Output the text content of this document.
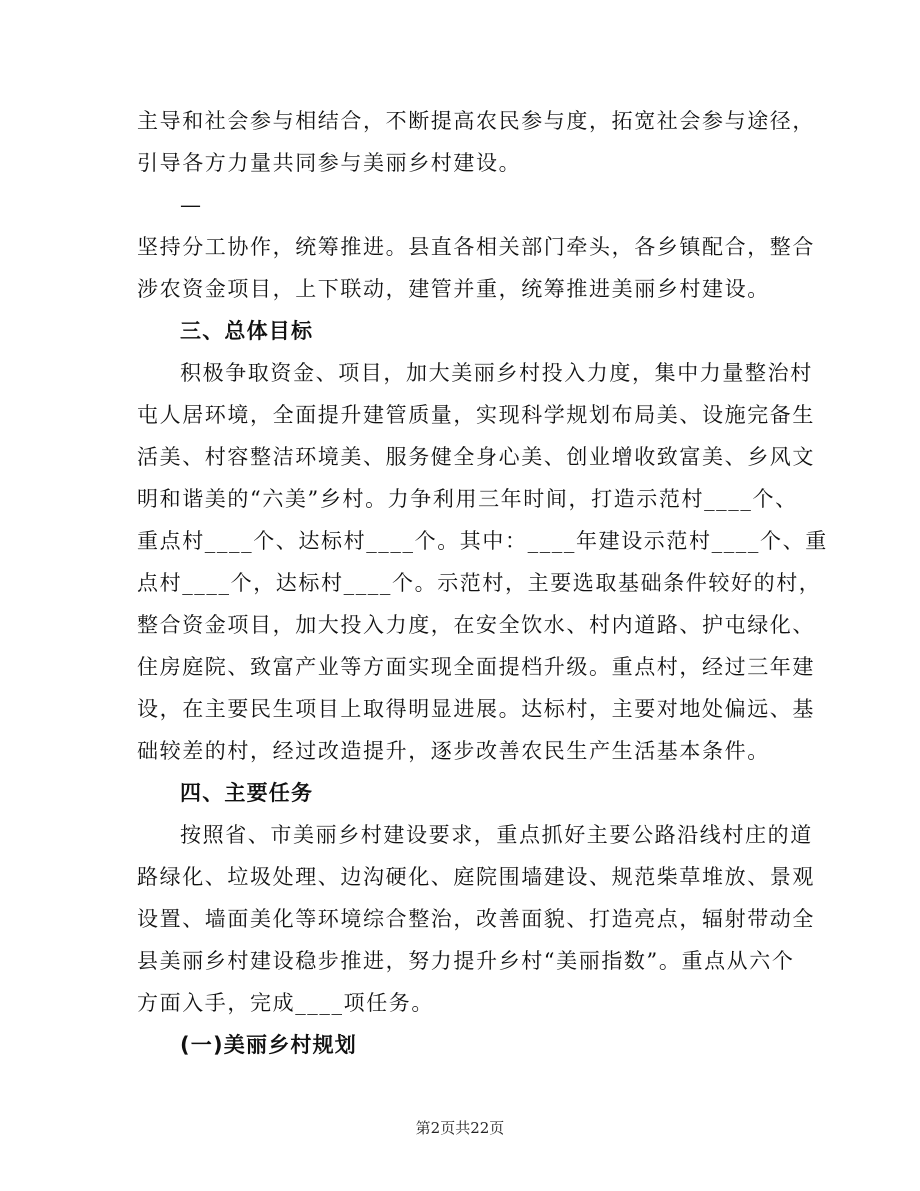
主导和社会参与相结合，不断提高农民参与度，拓宽社会参与途径，
引导各方力量共同参与美丽乡村建设。
—
坚持分工协作，统筹推进。县直各相关部门牵头，各乡镇配合，整合
涉农资金项目，上下联动，建管并重，统筹推进美丽乡村建设。
三、总体目标
积极争取资金、项目，加大美丽乡村投入力度，集中力量整治村
屯人居环境，全面提升建管质量，实现科学规划布局美、设施完备生
活美、村容整洁环境美、服务健全身心美、创业增收致富美、乡风文
明和谐美的“六美”乡村。力争利用三年时间，打造示范村____个、
重点村____个、达标村____个。其中：____年建设示范村____个、重
点村____个，达标村____个。示范村，主要选取基础条件较好的村，
整合资金项目，加大投入力度，在安全饮水、村内道路、护屯绿化、
住房庭院、致富产业等方面实现全面提档升级。重点村，经过三年建
设，在主要民生项目上取得明显进展。达标村，主要对地处偏远、基
础较差的村，经过改造提升，逐步改善农民生产生活基本条件。
四、主要任务
按照省、市美丽乡村建设要求，重点抓好主要公路沿线村庄的道
路绿化、垃圾处理、边沟硬化、庭院围墙建设、规范柴草堆放、景观
设置、墙面美化等环境综合整治，改善面貌、打造亮点，辐射带动全
县美丽乡村建设稳步推进，努力提升乡村“美丽指数”。重点从六个
方面入手，完成____项任务。
(一)美丽乡村规划
第2页共22页
